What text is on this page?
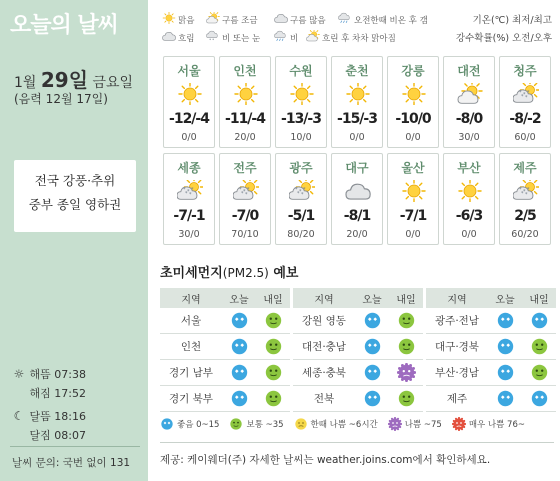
오늘의 날씨
1월 29일 금요일
(음력 12월 17일)
전국 강풍·추위
중부 종일 영하권
☼ 해뜸 07:38
해짐 17:52
☾ 달뜸 18:16
달짐 08:07
날씨 문의: 국번 없이 131
맑음	구름 조금	구름 많음	오전한때 비온 후 갬
흐림 * * 비 또는 눈	비	흐린 후 차차 맑아짐
기온(℃) 최저/최고
강수확률(%) 오전/오후
서울
-12/-4
0/0
인천
-11/-4
20/0
수원
-13/-3
10/0
춘천
-15/-3
0/0
강릉
-10/0
0/0
대전
-8/0
30/0
청주
* * *
* *
-8/-2
60/0
세종
* * *
* *
-7/-1
30/0
전주
* * *
* *
-7/0
70/10
광주
* * *
* *
-5/1
80/20
대구
-8/1
20/0
울산
-7/1
0/0
부산
-6/3
0/0
제주
* * *
* *
2/5
60/20
초미세먼지(PM2.5) 예보
지역	오늘	내일
서울
인천
경기 남부
경기 북부
지역	오늘	내일
강원 영동
대전·충남
세종·충북
전북
지역	오늘	내일
광주·전남
대구·경북
부산·경남
제주
좋음 0~15	보통 ~35	한때 나쁨 ~6시간	나쁨 ~75	매우 나쁨 76~
제공: 케이웨더(주) 자세한 날씨는 weather.joins.com에서 확인하세요.
